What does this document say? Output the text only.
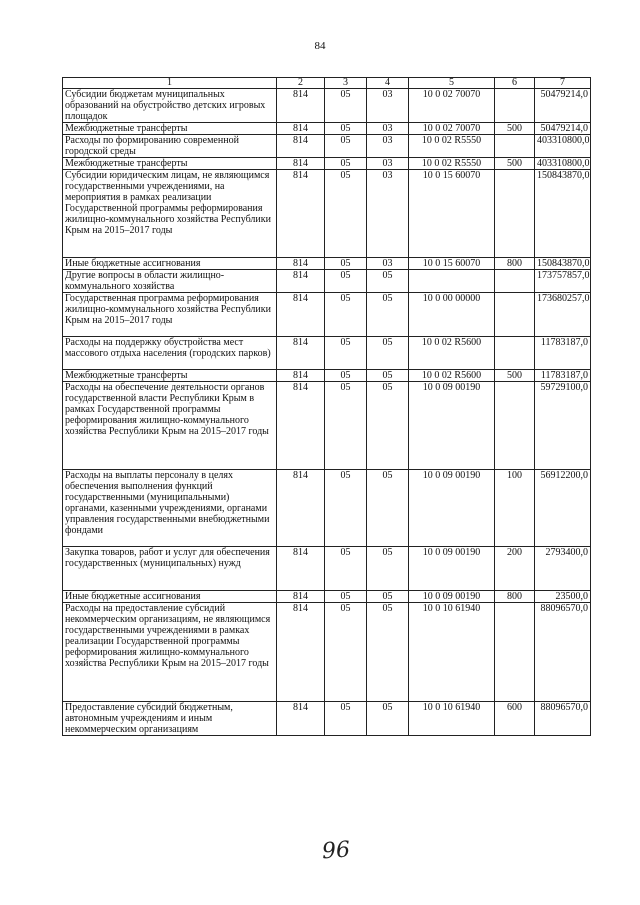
84
1	2	3	4	5	6	7
Субсидии бюджетам муниципальных образований на обустройство детских игровых площадок	814	05	03	10 0 02 70070		50479214,0
Межбюджетные трансферты	814	05	03	10 0 02 70070	500	50479214,0
Расходы по формированию современной городской среды	814	05	03	10 0 02 R5550		403310800,0
Межбюджетные трансферты	814	05	03	10 0 02 R5550	500	403310800,0
Субсидии юридическим лицам, не являющимся государственными учреждениями, на мероприятия в рамках реализации Государственной программы реформирования жилищно-коммунального хозяйства Республики Крым на 2015–2017 годы	814	05	03	10 0 15 60070		150843870,0
Иные бюджетные ассигнования	814	05	03	10 0 15 60070	800	150843870,0
Другие вопросы в области жилищно-коммунального хозяйства	814	05	05			173757857,0
Государственная программа реформирования жилищно-коммунального хозяйства Республики Крым на 2015–2017 годы	814	05	05	10 0 00 00000		173680257,0
Расходы на поддержку обустройства мест массового отдыха населения (городских парков)	814	05	05	10 0 02 R5600		11783187,0
Межбюджетные трансферты	814	05	05	10 0 02 R5600	500	11783187,0
Расходы на обеспечение деятельности органов государственной власти Республики Крым в рамках Государственной программы реформирования жилищно-коммунального хозяйства Республики Крым на 2015–2017 годы	814	05	05	10 0 09 00190		59729100,0
Расходы на выплаты персоналу в целях обеспечения выполнения функций государственными (муниципальными) органами, казенными учреждениями, органами управления государственными внебюджетными фондами	814	05	05	10 0 09 00190	100	56912200,0
Закупка товаров, работ и услуг для обеспечения государственных (муниципальных) нужд	814	05	05	10 0 09 00190	200	2793400,0
Иные бюджетные ассигнования	814	05	05	10 0 09 00190	800	23500,0
Расходы на предоставление субсидий некоммерческим организациям, не являющимся государственными учреждениями в рамках реализации Государственной программы реформирования жилищно-коммунального хозяйства Республики Крым на 2015–2017 годы	814	05	05	10 0 10 61940		88096570,0
Предоставление субсидий бюджетным, автономным учреждениям и иным некоммерческим организациям	814	05	05	10 0 10 61940	600	88096570,0
96
